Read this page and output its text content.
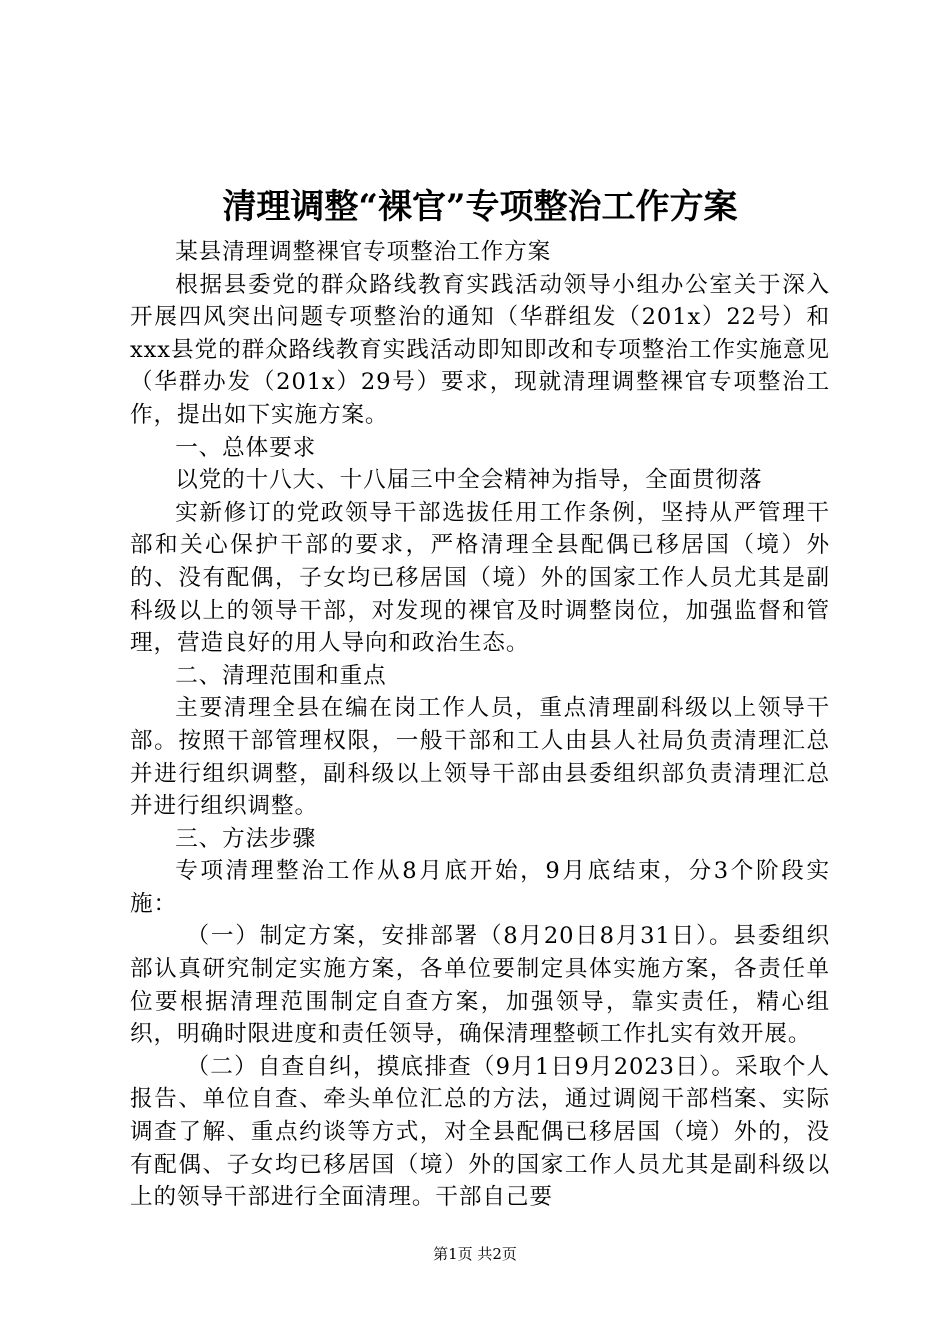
清理调整“裸官”专项整治工作方案

某县清理调整裸官专项整治工作方案

根据县委党的群众路线教育实践活动领导小组办公室关于深入开展四风突出问题专项整治的通知（华群组发（201x）22号）和xxx县党的群众路线教育实践活动即知即改和专项整治工作实施意见（华群办发（201x）29号）要求，现就清理调整裸官专项整治工作，提出如下实施方案。

一、总体要求

以党的十八大、十八届三中全会精神为指导，全面贯彻落

实新修订的党政领导干部选拔任用工作条例，坚持从严管理干部和关心保护干部的要求，严格清理全县配偶已移居国（境）外的、没有配偶，子女均已移居国（境）外的国家工作人员尤其是副科级以上的领导干部，对发现的裸官及时调整岗位，加强监督和管理，营造良好的用人导向和政治生态。

二、清理范围和重点

主要清理全县在编在岗工作人员，重点清理副科级以上领导干部。按照干部管理权限，一般干部和工人由县人社局负责清理汇总并进行组织调整，副科级以上领导干部由县委组织部负责清理汇总并进行组织调整。

三、方法步骤

专项清理整治工作从8月底开始，9月底结束，分3个阶段实施：

（一）制定方案，安排部署（8月20日8月31日）。县委组织部认真研究制定实施方案，各单位要制定具体实施方案，各责任单位要根据清理范围制定自查方案，加强领导，靠实责任，精心组织，明确时限进度和责任领导，确保清理整顿工作扎实有效开展。

（二）自查自纠，摸底排查（9月1日9月2023日）。采取个人报告、单位自查、牵头单位汇总的方法，通过调阅干部档案、实际调查了解、重点约谈等方式，对全县配偶已移居国（境）外的，没有配偶、子女均已移居国（境）外的国家工作人员尤其是副科级以上的领导干部进行全面清理。干部自己要

第1页 共2页
